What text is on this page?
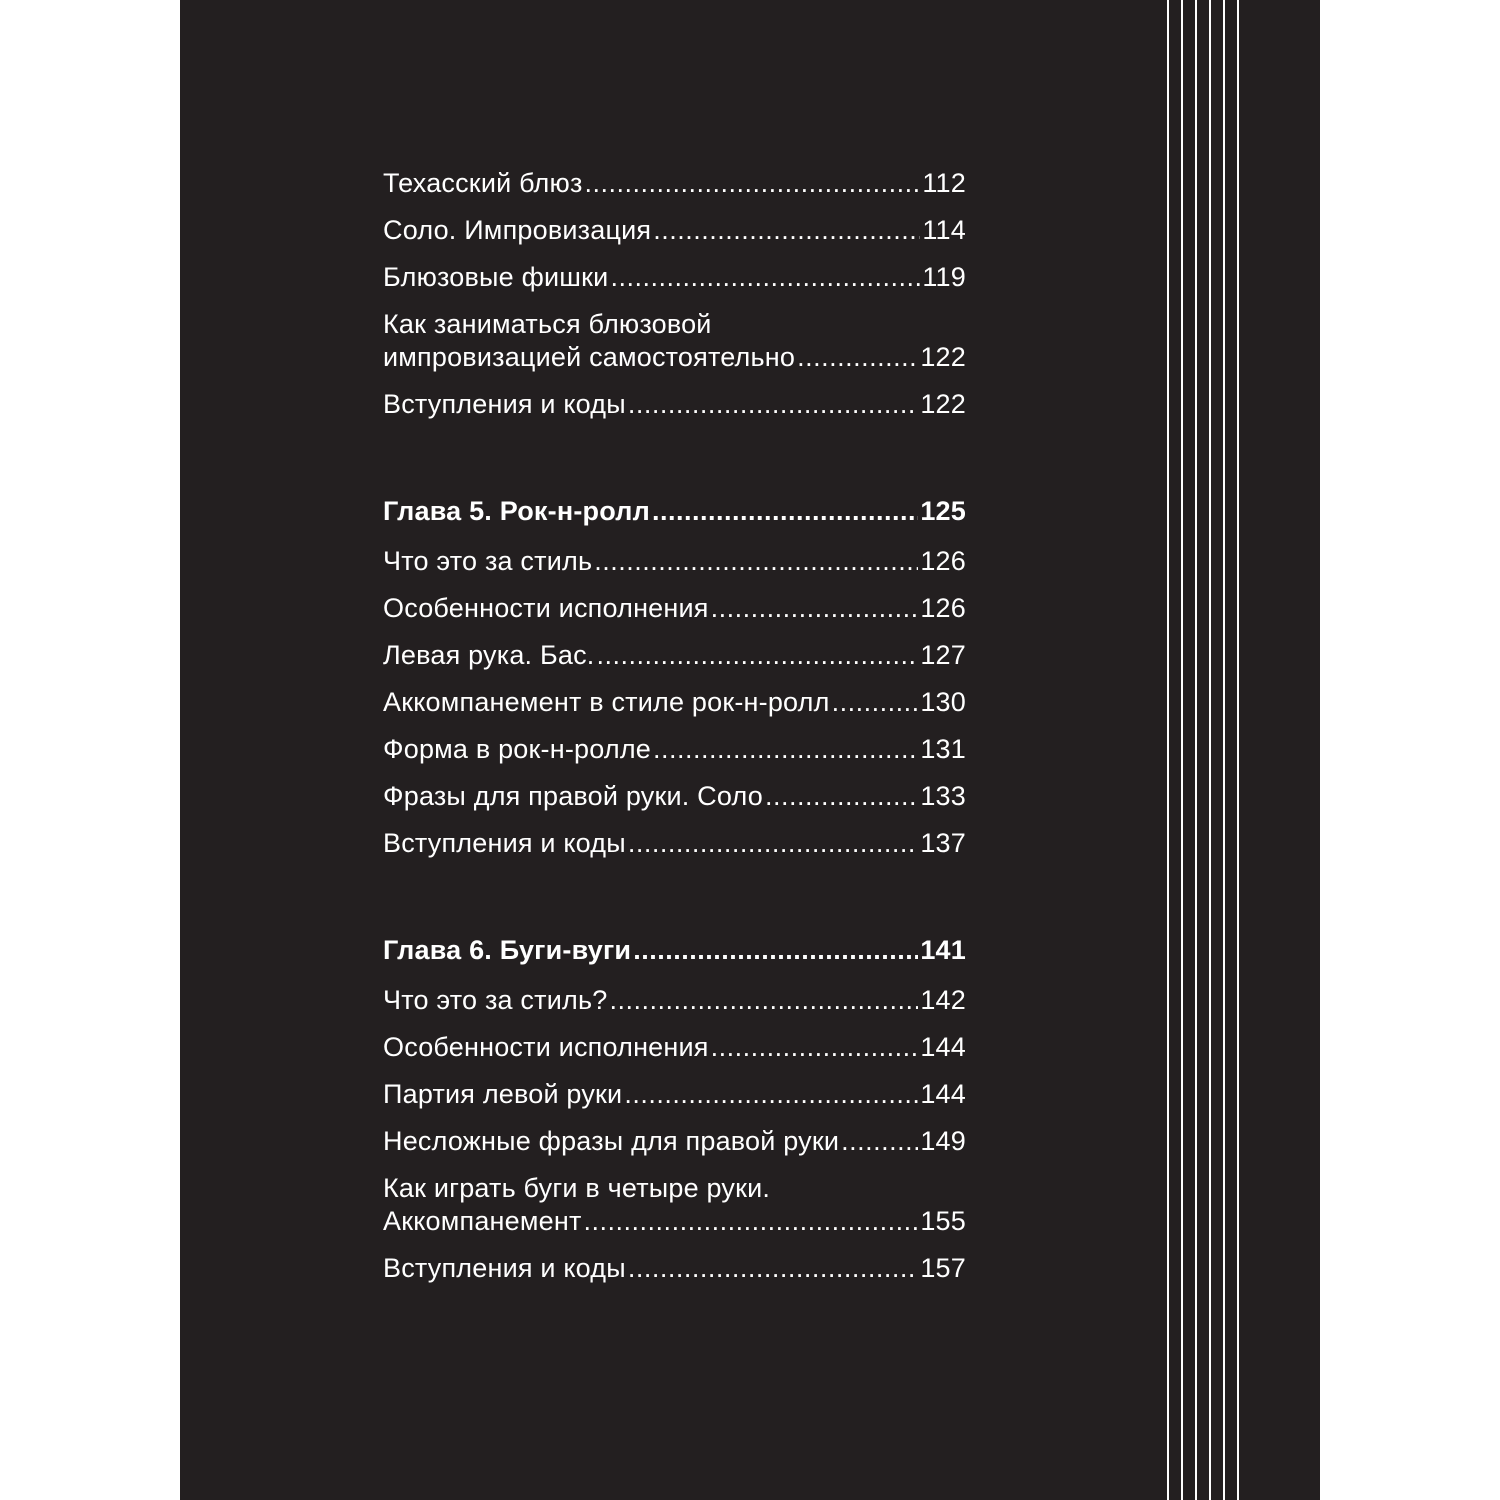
Техасский блюз .....	112
Соло. Импровизация .....	114
Блюзовые фишки .....	119
Как заниматься блюзовой
импровизацией самостоятельно .....	122
Вступления и коды .....	122
Глава 5. Рок-н-ролл .....	125
Что это за стиль .....	126
Особенности исполнения .....	126
Левая рука. Бас. .....	127
Аккомпанемент в стиле рок-н-ролл .....	130
Форма в рок-н-ролле .....	131
Фразы для правой руки. Соло .....	133
Вступления и коды .....	137
Глава 6. Буги-вуги .....	141
Что это за стиль? .....	142
Особенности исполнения .....	144
Партия левой руки .....	144
Несложные фразы для правой руки .....	149
Как играть буги в четыре руки.
Аккомпанемент .....	155
Вступления и коды .....	157
